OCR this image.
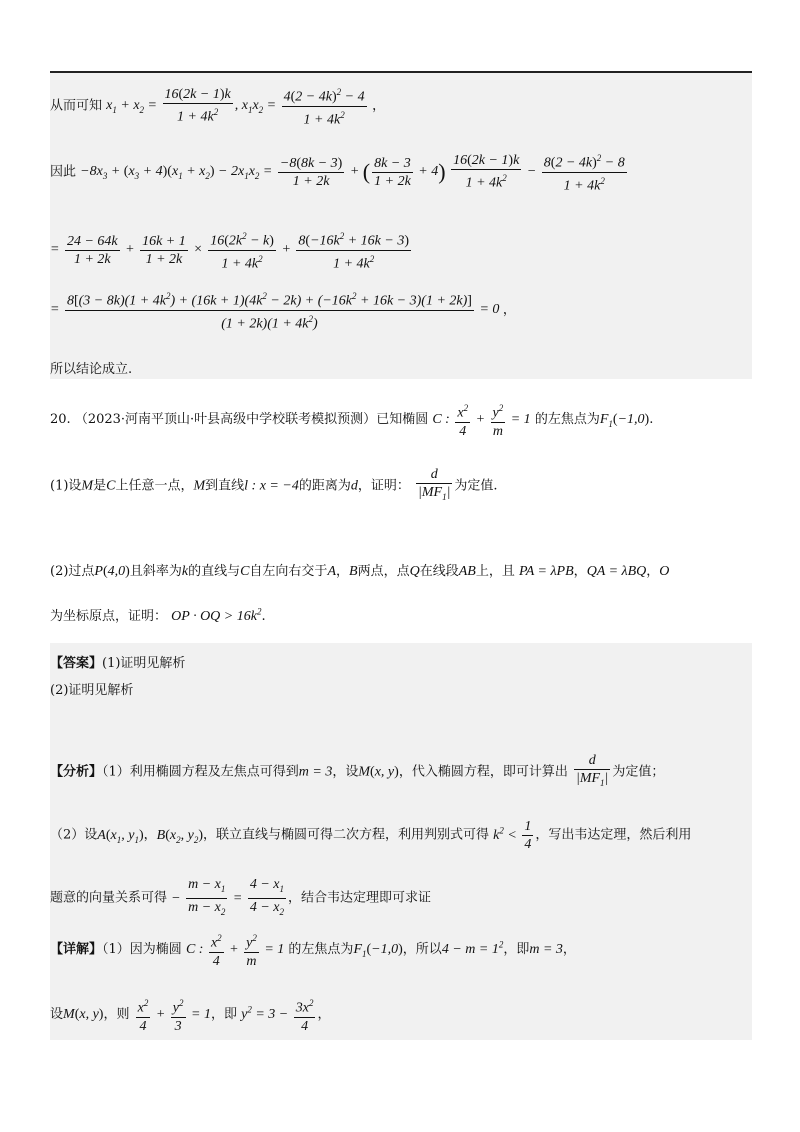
从而可知 $x_1 + x_2 = \frac{16(2k - 1)k}{1 + 4k^2}$ , $x_1x_2 = \frac{4(2 - 4k)^2 - 4}{1 + 4k^2}$ ，
因此 $-8x_3 + (x_3 + 4)(x_1 + x_2) - 2x_1x_2 = \frac{-8(8k - 3)}{1 + 2k}$ + ( $\frac{8k - 3}{1 + 2k} + 4) \frac{16(2k - 1)k}{1 + 4k^2} - \frac{8(2 - 4k)^2 - 8}{1 + 4k^2}$
= $\frac{24 - 64k}{1 + 2k} + \frac{16k + 1}{1 + 2k} \times \frac{16(2k^2 - k)}{1 + 4k^2} + \frac{8(-16k^2 + 16k - 3)}{1 + 4k^2}$
=
$8[(3 - 8k)(1 + 4k^2) + (16k + 1)(4k^2 - 2k) + (-16k^2 + 16k - 3)(1 + 2k)]$
$(1 + 2k)(1 + 4k^2)$
= 0 ，
所以结论成立.
20. （2023·河南平顶山·叶县高级中学校联考模拟预测）已知椭圆 C : $\frac{x^2}{4} + \frac{y^2}{m} = 1$ 的左焦点为$F_1(-1,0)$.
(1)设M是C上任意一点，M到直线l : x = −4的距离为d，证明： $\frac{d}{|MF_1|}$ 为定值.
(2)过点P(4,0)且斜率为k的直线与C自左向右交于A，B两点，点Q在线段AB上，且 PA = λPB，QA = λBQ，O
为坐标原点，证明： OP · OQ > $16k^2$.
【答案】(1)证明见解析
(2)证明见解析
【分析】（1）利用椭圆方程及左焦点可得到m = 3，设M(x, y)，代入椭圆方程，即可计算出 $\frac{d}{|MF_1|}$ 为定值；
（2）设$A(x_1$, $y_1$)，$B(x_2$, $y_2$)，联立直线与椭圆可得二次方程，利用判别式可得 $k^2 < \frac{1}{4}$ ，写出韦达定理，然后利用
题意的向量关系可得 − $\frac{m - x_1}{m - x_2} = \frac{4 - x_1}{4 - x_2}$ ，结合韦达定理即可求证
【详解】（1）因为椭圆 C : $\frac{x^2}{4} + \frac{y^2}{m} = 1$ 的左焦点为$F_1(-1,0)$，所以$4 - m = 1^2$，即m = 3，
设M(x, y)，则 $\frac{x^2}{4} + \frac{y^2}{3} = 1$，即 $y^2 = 3 - \frac{3x^2}{4}$ ，
